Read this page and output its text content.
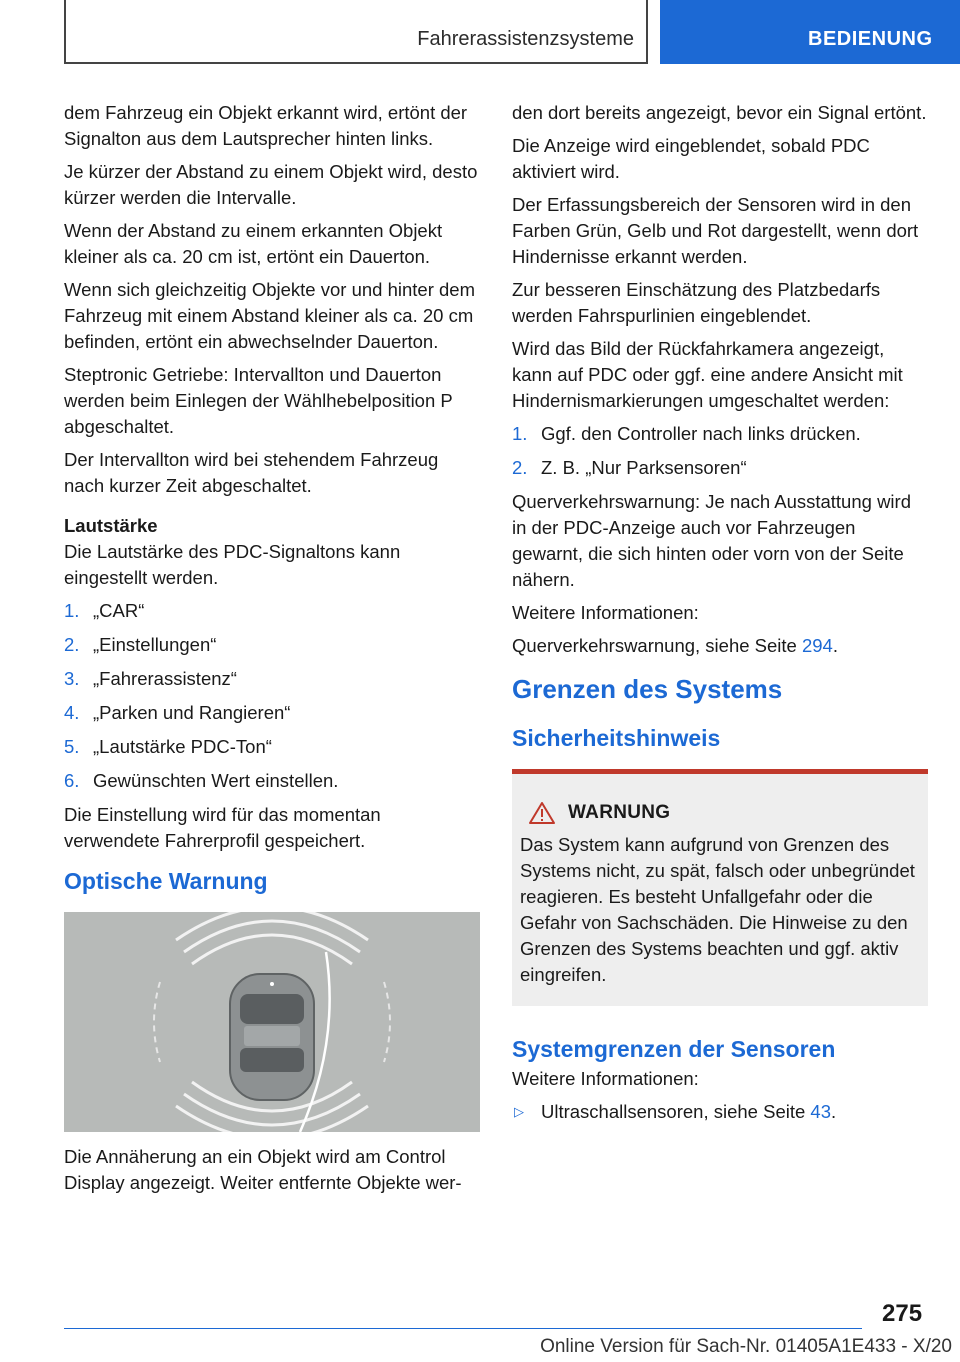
Fahrerassistenzsysteme	BEDIENUNG

dem Fahrzeug ein Objekt erkannt wird, ertönt der Signalton aus dem Lautsprecher hinten links.

Je kürzer der Abstand zu einem Objekt wird, desto kürzer werden die Intervalle.

Wenn der Abstand zu einem erkannten Objekt kleiner als ca. 20 cm ist, ertönt ein Dauerton.

Wenn sich gleichzeitig Objekte vor und hinter dem Fahrzeug mit einem Abstand kleiner als ca. 20 cm befinden, ertönt ein abwechselnder Dauerton.

Steptronic Getriebe: Intervallton und Dauerton werden beim Einlegen der Wählhebelposition P abgeschaltet.

Der Intervallton wird bei stehendem Fahrzeug nach kurzer Zeit abgeschaltet.

Lautstärke

Die Lautstärke des PDC-Signaltons kann eingestellt werden.

1. „CAR“
2. „Einstellungen“
3. „Fahrerassistenz“
4. „Parken und Rangieren“
5. „Lautstärke PDC-Ton“
6. Gewünschten Wert einstellen.

Die Einstellung wird für das momentan verwendete Fahrerprofil gespeichert.

Optische Warnung

Die Annäherung an ein Objekt wird am Control Display angezeigt. Weiter entfernte Objekte wer-

den dort bereits angezeigt, bevor ein Signal ertönt.

Die Anzeige wird eingeblendet, sobald PDC aktiviert wird.

Der Erfassungsbereich der Sensoren wird in den Farben Grün, Gelb und Rot dargestellt, wenn dort Hindernisse erkannt werden.

Zur besseren Einschätzung des Platzbedarfs werden Fahrspurlinien eingeblendet.

Wird das Bild der Rückfahrkamera angezeigt, kann auf PDC oder ggf. eine andere Ansicht mit Hindernismarkierungen umgeschaltet werden:

1. Ggf. den Controller nach links drücken.
2. Z. B. „Nur Parksensoren“

Querverkehrswarnung: Je nach Ausstattung wird in der PDC-Anzeige auch vor Fahrzeugen gewarnt, die sich hinten oder vorn von der Seite nähern.

Weitere Informationen:

Querverkehrswarnung, siehe Seite 294.

Grenzen des Systems
Sicherheitshinweis
WARNUNG

Das System kann aufgrund von Grenzen des Systems nicht, zu spät, falsch oder unbegründet reagieren. Es besteht Unfallgefahr oder die Gefahr von Sachschäden. Die Hinweise zu den Grenzen des Systems beachten und ggf. aktiv eingreifen.

Systemgrenzen der Sensoren

Weitere Informationen:

▷ Ultraschallsensoren, siehe Seite 43.
275
Online Version für Sach-Nr. 01405A1E433 - X/20
